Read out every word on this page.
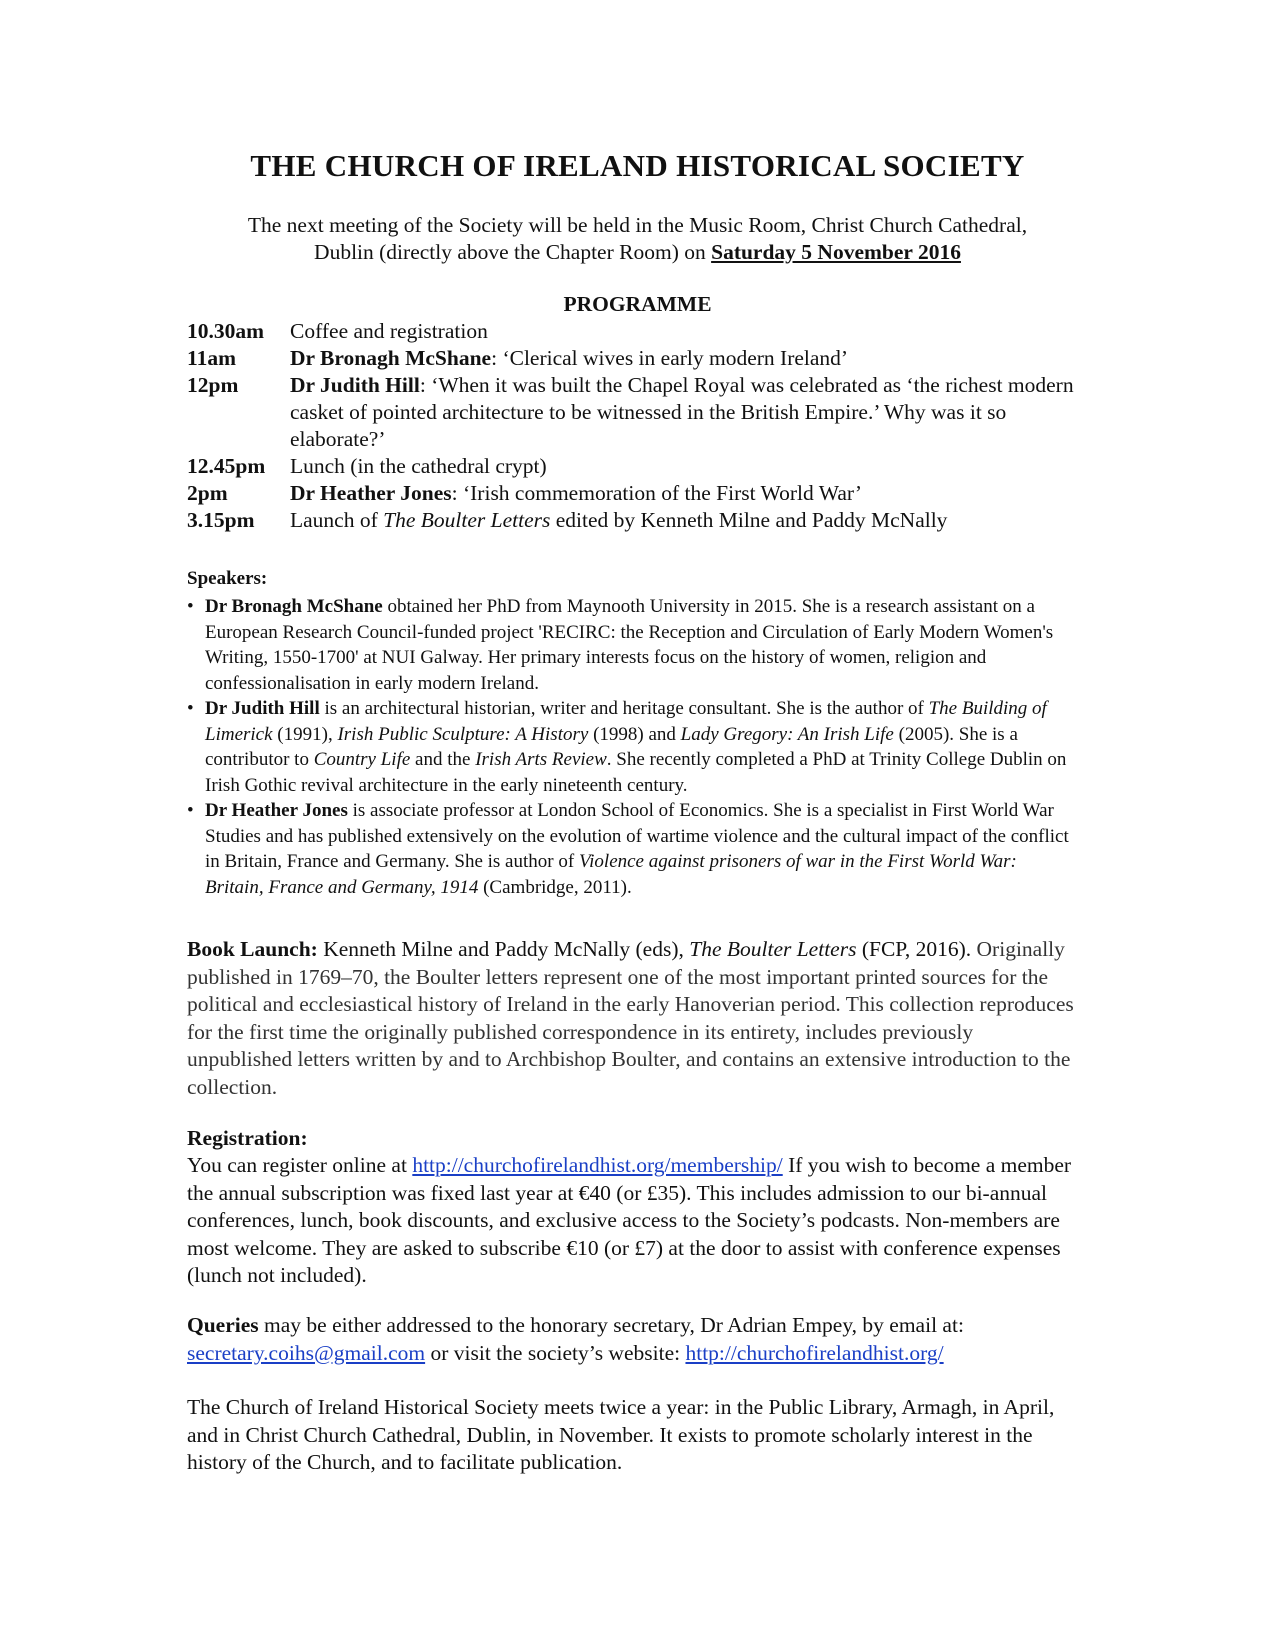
THE CHURCH OF IRELAND HISTORICAL SOCIETY
The next meeting of the Society will be held in the Music Room, Christ Church Cathedral,
Dublin (directly above the Chapter Room) on Saturday 5 November 2016
PROGRAMME
10.30am	Coffee and registration
11am	Dr Bronagh McShane: ‘Clerical wives in early modern Ireland’
12pm	Dr Judith Hill: ‘When it was built the Chapel Royal was celebrated as ‘the richest modern casket of pointed architecture to be witnessed in the British Empire.’ Why was it so elaborate?’
12.45pm	Lunch (in the cathedral crypt)
2pm	Dr Heather Jones: ‘Irish commemoration of the First World War’
3.15pm	Launch of The Boulter Letters edited by Kenneth Milne and Paddy McNally
Speakers:
• Dr Bronagh McShane obtained her PhD from Maynooth University in 2015. She is a research assistant on a European Research Council-funded project 'RECIRC: the Reception and Circulation of Early Modern Women's Writing, 1550-1700' at NUI Galway. Her primary interests focus on the history of women, religion and confessionalisation in early modern Ireland.
• Dr Judith Hill is an architectural historian, writer and heritage consultant. She is the author of The Building of Limerick (1991), Irish Public Sculpture: A History (1998) and Lady Gregory: An Irish Life (2005). She is a contributor to Country Life and the Irish Arts Review. She recently completed a PhD at Trinity College Dublin on Irish Gothic revival architecture in the early nineteenth century.
• Dr Heather Jones is associate professor at London School of Economics. She is a specialist in First World War Studies and has published extensively on the evolution of wartime violence and the cultural impact of the conflict in Britain, France and Germany. She is author of Violence against prisoners of war in the First World War: Britain, France and Germany, 1914 (Cambridge, 2011).
Book Launch: Kenneth Milne and Paddy McNally (eds), The Boulter Letters (FCP, 2016). Originally published in 1769–70, the Boulter letters represent one of the most important printed sources for the political and ecclesiastical history of Ireland in the early Hanoverian period. This collection reproduces for the first time the originally published correspondence in its entirety, includes previously unpublished letters written by and to Archbishop Boulter, and contains an extensive introduction to the collection.
Registration:
You can register online at http://churchofirelandhist.org/membership/ If you wish to become a member the annual subscription was fixed last year at €40 (or £35). This includes admission to our bi-annual conferences, lunch, book discounts, and exclusive access to the Society’s podcasts. Non-members are most welcome. They are asked to subscribe €10 (or £7) at the door to assist with conference expenses (lunch not included).
Queries may be either addressed to the honorary secretary, Dr Adrian Empey, by email at: secretary.coihs@gmail.com or visit the society’s website: http://churchofirelandhist.org/
The Church of Ireland Historical Society meets twice a year: in the Public Library, Armagh, in April, and in Christ Church Cathedral, Dublin, in November. It exists to promote scholarly interest in the history of the Church, and to facilitate publication.
